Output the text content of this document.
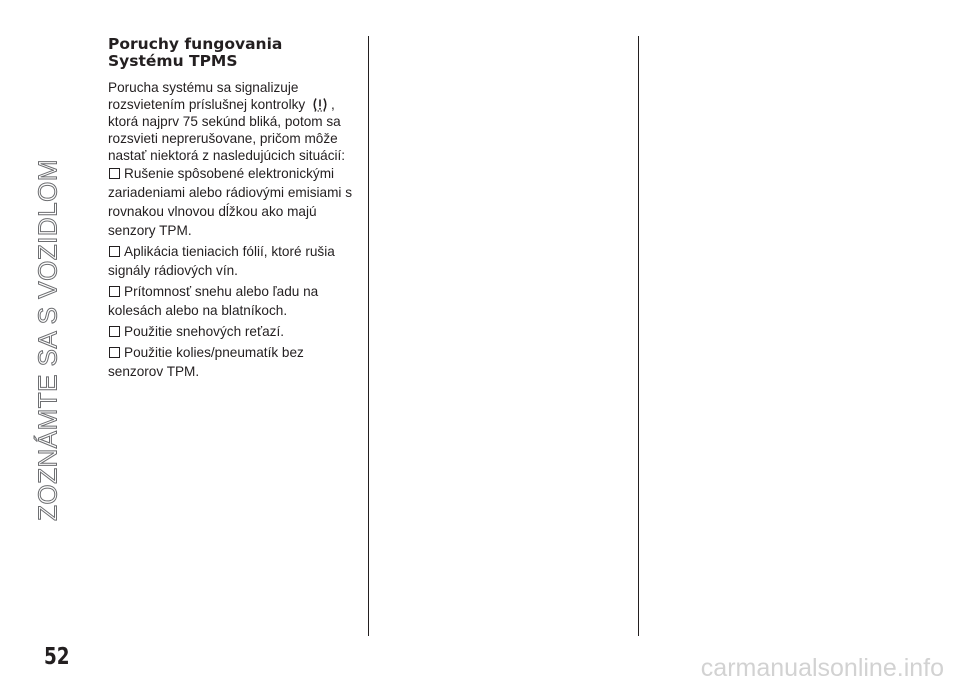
ZOZNÁMTE SA S VOZIDLOM
Poruchy fungovania
Systému TPMS

Porucha systému sa signalizuje rozsvietením príslušnej kontrolky , ktorá najprv 75 sekúnd bliká, potom sa rozsvieti neprerušovane, pričom môže nastať niektorá z nasledujúcich situácií:

Rušenie spôsobené elektronickými zariadeniami alebo rádiovými emisiami s rovnakou vlnovou dĺžkou ako majú senzory TPM.
Aplikácia tieniacich fólií, ktoré rušia signály rádiových vín.
Prítomnosť snehu alebo ľadu na kolesách alebo na blatníkoch.
Použitie snehových reťazí.
Použitie kolies/pneumatík bez senzorov TPM.
52	carmanualsonline.info
